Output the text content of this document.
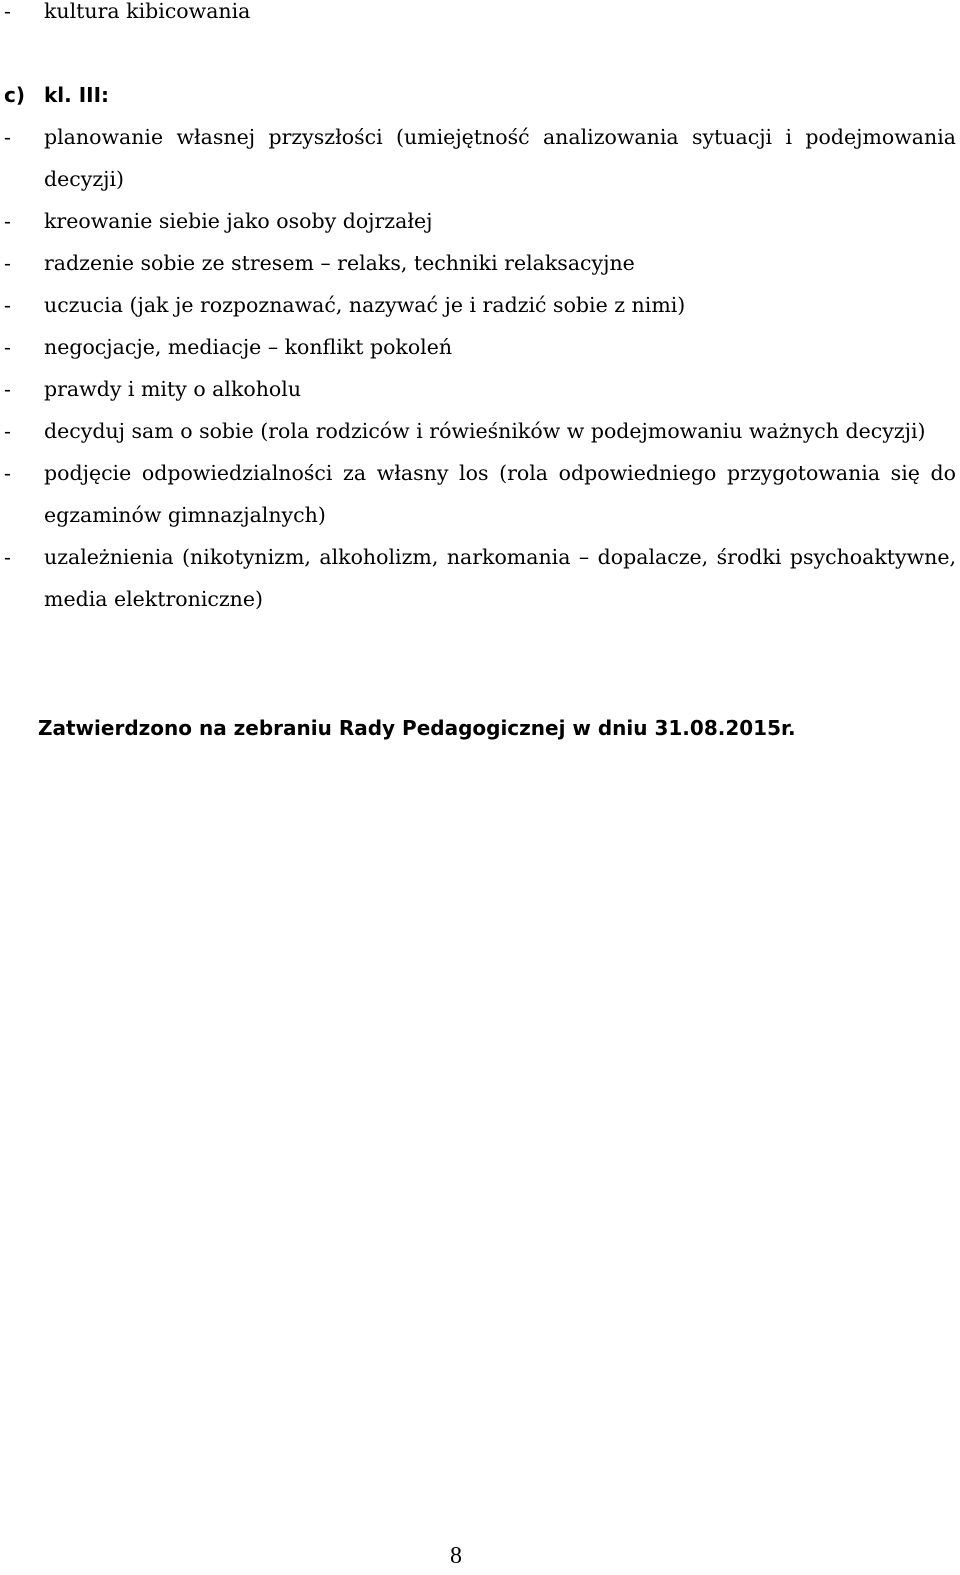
- kultura kibicowania
c) kl. III:
- planowanie własnej przyszłości (umiejętność analizowania sytuacji i podejmowania decyzji)
- kreowanie siebie jako osoby dojrzałej
- radzenie sobie ze stresem – relaks, techniki relaksacyjne
- uczucia (jak je rozpoznawać, nazywać je i radzić sobie z nimi)
- negocjacje, mediacje – konflikt pokoleń
- prawdy i mity o alkoholu
- decyduj sam o sobie (rola rodziców i rówieśników w podejmowaniu ważnych decyzji)
- podjęcie odpowiedzialności za własny los (rola odpowiedniego przygotowania się do egzaminów gimnazjalnych)
- uzależnienia (nikotynizm, alkoholizm, narkomania – dopalacze, środki psychoaktywne, media elektroniczne)
Zatwierdzono na zebraniu Rady Pedagogicznej w dniu 31.08.2015r.
8
